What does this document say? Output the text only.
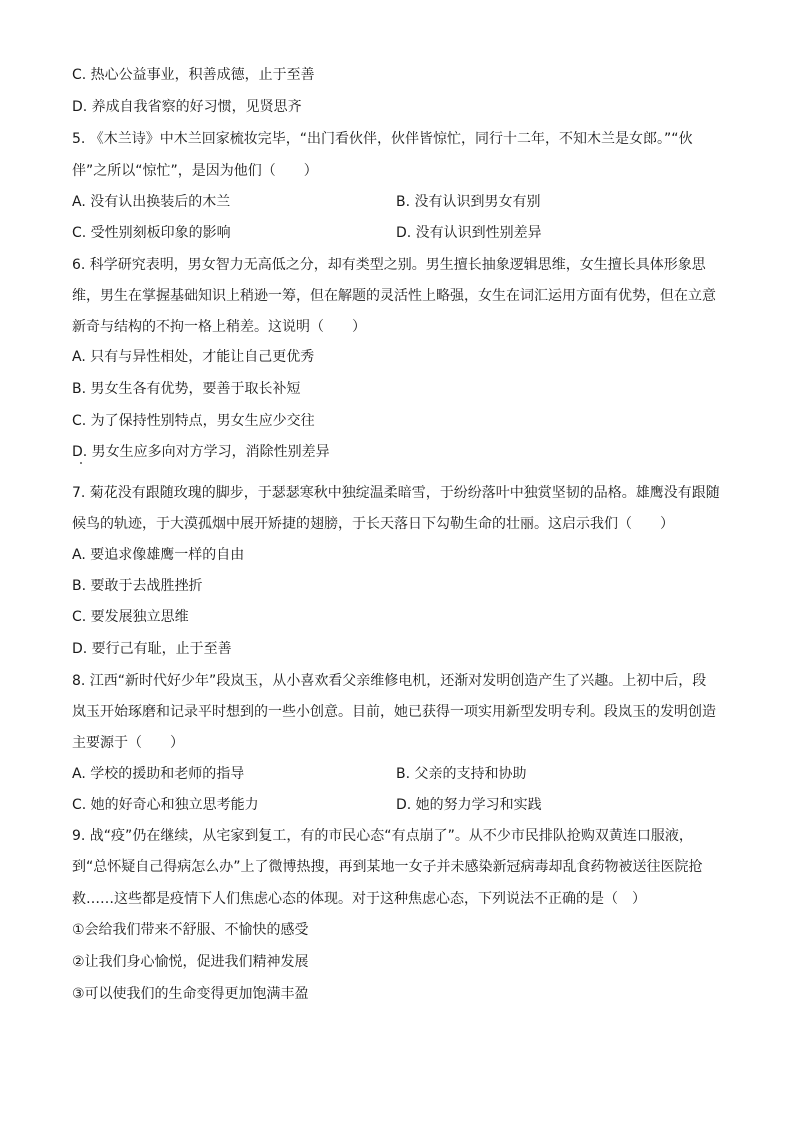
C. 热心公益事业，积善成德，止于至善
D. 养成自我省察的好习惯，见贤思齐
5. 《木兰诗》中木兰回家梳妆完毕，“出门看伙伴，伙伴皆惊忙，同行十二年，不知木兰是女郎。”“伙
伴”之所以“惊忙”，是因为他们（　　）
A. 没有认出换装后的木兰	B. 没有认识到男女有别
C. 受性别刻板印象的影响	D. 没有认识到性别差异
6. 科学研究表明，男女智力无高低之分，却有类型之别。男生擅长抽象逻辑思维，女生擅长具体形象思
维，男生在掌握基础知识上稍逊一筹，但在解题的灵活性上略强，女生在词汇运用方面有优势，但在立意
新奇与结构的不拘一格上稍差。这说明（　　）
A. 只有与异性相处，才能让自己更优秀
B. 男女生各有优势，要善于取长补短
C. 为了保持性别特点，男女生应少交往
D. 男女生应多向对方学习，消除性别差异
7. 菊花没有跟随玫瑰的脚步，于瑟瑟寒秋中独绽温柔暗雪，于纷纷落叶中独赏坚韧的品格。雄鹰没有跟随
候鸟的轨迹，于大漠孤烟中展开矫捷的翅膀，于长天落日下勾勒生命的壮丽。这启示我们（　　）
A. 要追求像雄鹰一样的自由
B. 要敢于去战胜挫折
C. 要发展独立思维
D. 要行己有耻，止于至善
8. 江西“新时代好少年”段岚玉，从小喜欢看父亲维修电机，还渐对发明创造产生了兴趣。上初中后，段
岚玉开始琢磨和记录平时想到的一些小创意。目前，她已获得一项实用新型发明专利。段岚玉的发明创造
主要源于（　　）
A. 学校的援助和老师的指导	B. 父亲的支持和协助
C. 她的好奇心和独立思考能力	D. 她的努力学习和实践
9. 战“疫”仍在继续，从宅家到复工，有的市民心态“有点崩了”。从不少市民排队抢购双黄连口服液，
到“总怀疑自己得病怎么办”上了微博热搜，再到某地一女子并未感染新冠病毒却乱食药物被送往医院抢
救……这些都是疫情下人们焦虑心态的体现。对于这种焦虑心态，下列说法不正确的是（　）
①会给我们带来不舒服、不愉快的感受
②让我们身心愉悦，促进我们精神发展
③可以使我们的生命变得更加饱满丰盈
